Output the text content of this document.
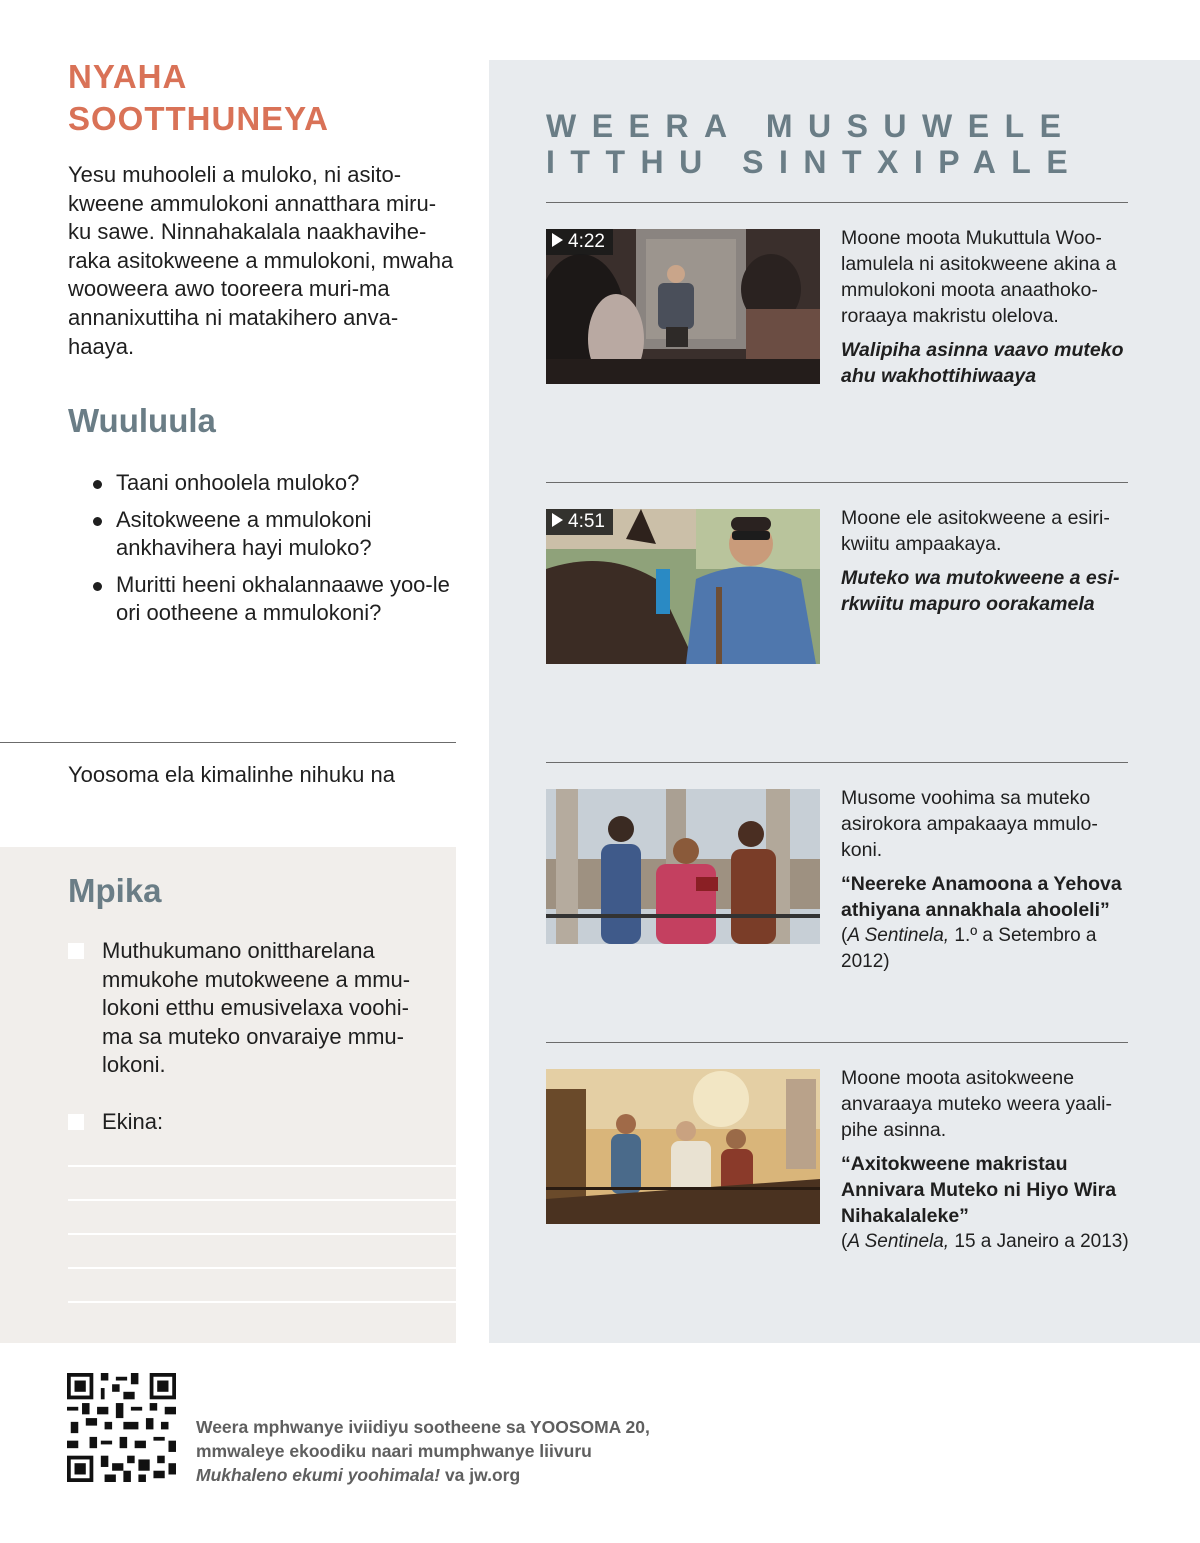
NYAHA
SOOTTHUNEYA

Yesu muhooleli a muloko, ni asito-kweene ammulokoni annatthara miru-ku sawe. Ninnahakalala naakhavihe-raka asitokweene a mmulokoni, mwaha wooweera awo tooreera muri-ma annanixuttiha ni matakihero anva-haaya.

Wuuluula
Taani onhoolela muloko?
Asitokweene a mmulokoni ankhavihera hayi muloko?
Muritti heeni okhalannaawe yoo-le ori ootheene a mmulokoni?
Yoosoma ela kimalinhe nihuku na
Mpika
Muthukumano onittharelana mmukohe mutokweene a mmu-lokoni etthu emusivelaxa voohi-ma sa muteko onvaraiye mmu-lokoni.
Ekina:
WEERA MUSUWELE
ITTHU SINTXIPALE
4:22	Moone moota Mukuttula Woo-lamulela ni asitokweene akina a mmulokoni moota anaathoko-roraaya makristu olelova.
Walipiha asinna vaavo muteko ahu wakhottihiwaaya
4:51	Moone ele asitokweene a esiri-kwiitu ampaakaya.
Muteko wa mutokweene a esi-rkwiitu mapuro oorakamela
Musome voohima sa muteko asirokora ampakaaya mmulo-koni.
“Neereke Anamoona a Yehova athiyana annakhala ahooleli”
(A Sentinela, 1.º a Setembro a 2012)
Moone moota asitokweene anvaraaya muteko weera yaali-pihe asinna.
“Axitokweene makristau Annivara Muteko ni Hiyo Wira Nihakalaleke”
(A Sentinela, 15 a Janeiro a 2013)
Weera mphwanye iviidiyu sootheene sa YOOSOMA 20,
mmwaleye ekoodiku naari mumphwanye liivuru
Mukhaleno ekumi yoohimala! va jw.org
